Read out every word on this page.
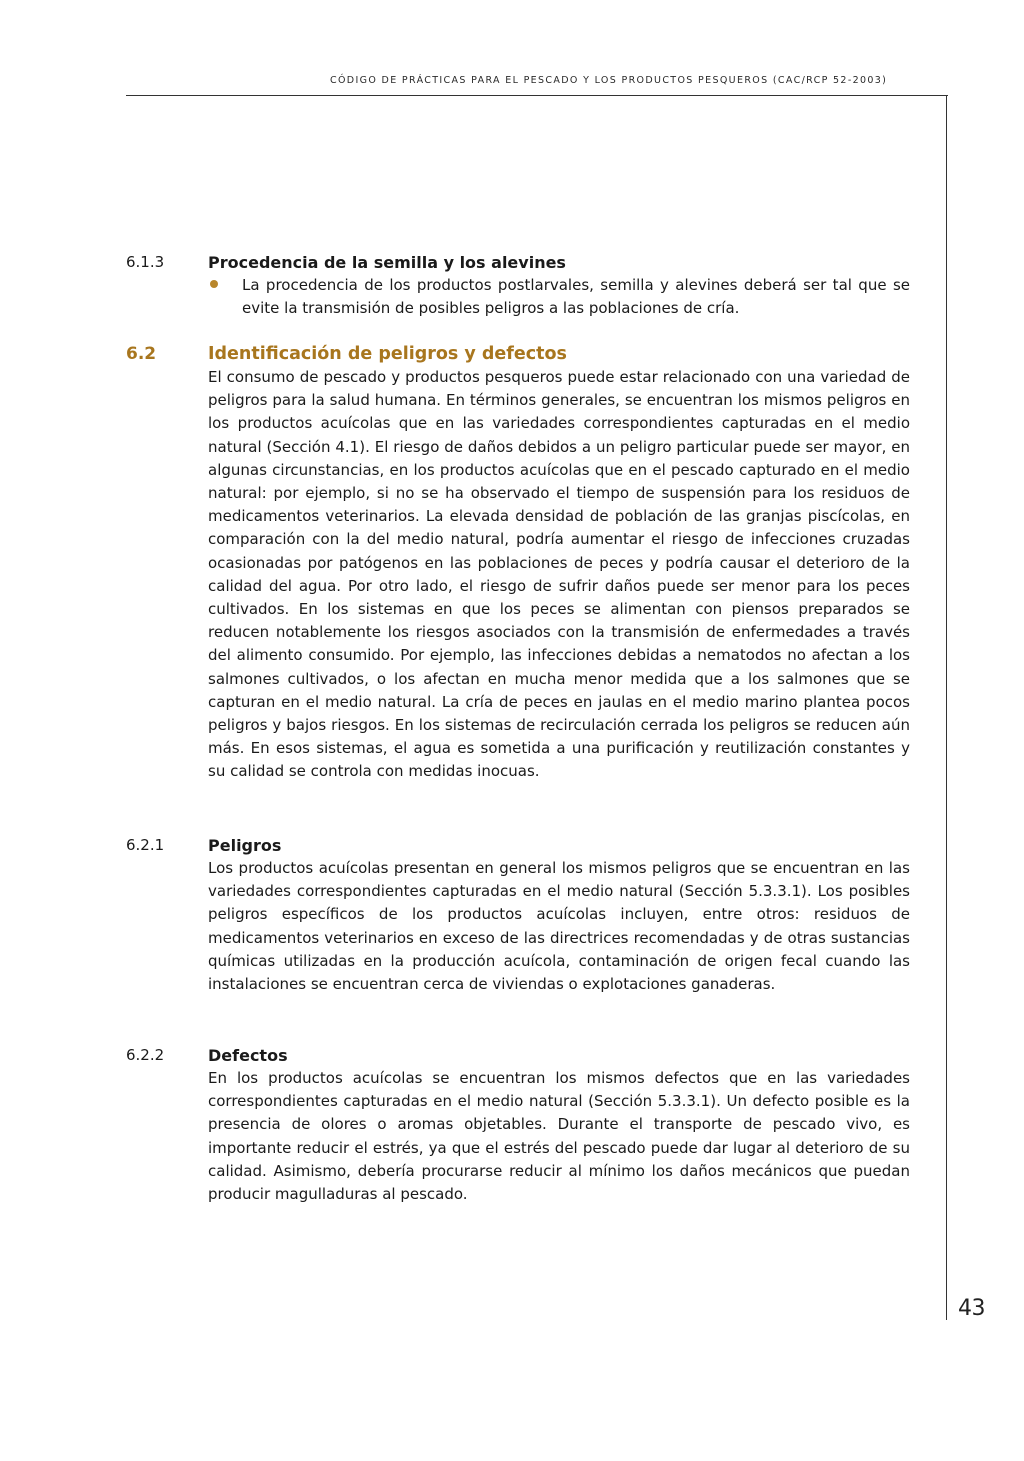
CÓDIGO DE PRÁCTICAS PARA EL PESCADO Y LOS PRODUCTOS PESQUEROS (CAC/RCP 52-2003)
6.1.3	Procedencia de la semilla y los alevines

La procedencia de los productos postlarvales, semilla y alevines deberá ser tal que se evite la transmisión de posibles peligros a las poblaciones de cría.

6.2	Identificación de peligros y defectos

El consumo de pescado y productos pesqueros puede estar relacionado con una variedad de peligros para la salud humana. En términos generales, se encuentran los mismos peligros en los productos acuícolas que en las variedades correspondientes capturadas en el medio natural (Sección 4.1). El riesgo de daños debidos a un peligro particular puede ser mayor, en algunas circunstancias, en los productos acuícolas que en el pescado capturado en el medio natural: por ejemplo, si no se ha observado el tiempo de suspensión para los residuos de medicamentos veterinarios. La elevada densidad de población de las granjas piscícolas, en comparación con la del medio natural, podría aumentar el riesgo de infecciones cruzadas ocasionadas por patógenos en las poblaciones de peces y podría causar el deterioro de la calidad del agua. Por otro lado, el riesgo de sufrir daños puede ser menor para los peces cultivados. En los sistemas en que los peces se alimentan con piensos preparados se reducen notablemente los riesgos asociados con la transmisión de enfermedades a través del alimento consumido. Por ejemplo, las infecciones debidas a nematodos no afectan a los salmones cultivados, o los afectan en mucha menor medida que a los salmones que se capturan en el medio natural. La cría de peces en jaulas en el medio marino plantea pocos peligros y bajos riesgos. En los sistemas de recirculación cerrada los peligros se reducen aún más. En esos sistemas, el agua es sometida a una purificación y reutilización constantes y su calidad se controla con medidas inocuas.

6.2.1	Peligros

Los productos acuícolas presentan en general los mismos peligros que se encuentran en las variedades correspondientes capturadas en el medio natural (Sección 5.3.3.1). Los posibles peligros específicos de los productos acuícolas incluyen, entre otros: residuos de medicamentos veterinarios en exceso de las directrices recomendadas y de otras sustancias químicas utilizadas en la producción acuícola, contaminación de origen fecal cuando las instalaciones se encuentran cerca de viviendas o explotaciones ganaderas.

6.2.2	Defectos

En los productos acuícolas se encuentran los mismos defectos que en las variedades correspondientes capturadas en el medio natural (Sección 5.3.3.1). Un defecto posible es la presencia de olores o aromas objetables. Durante el transporte de pescado vivo, es importante reducir el estrés, ya que el estrés del pescado puede dar lugar al deterioro de su calidad. Asimismo, debería procurarse reducir al mínimo los daños mecánicos que puedan producir magulladuras al pescado.

43
